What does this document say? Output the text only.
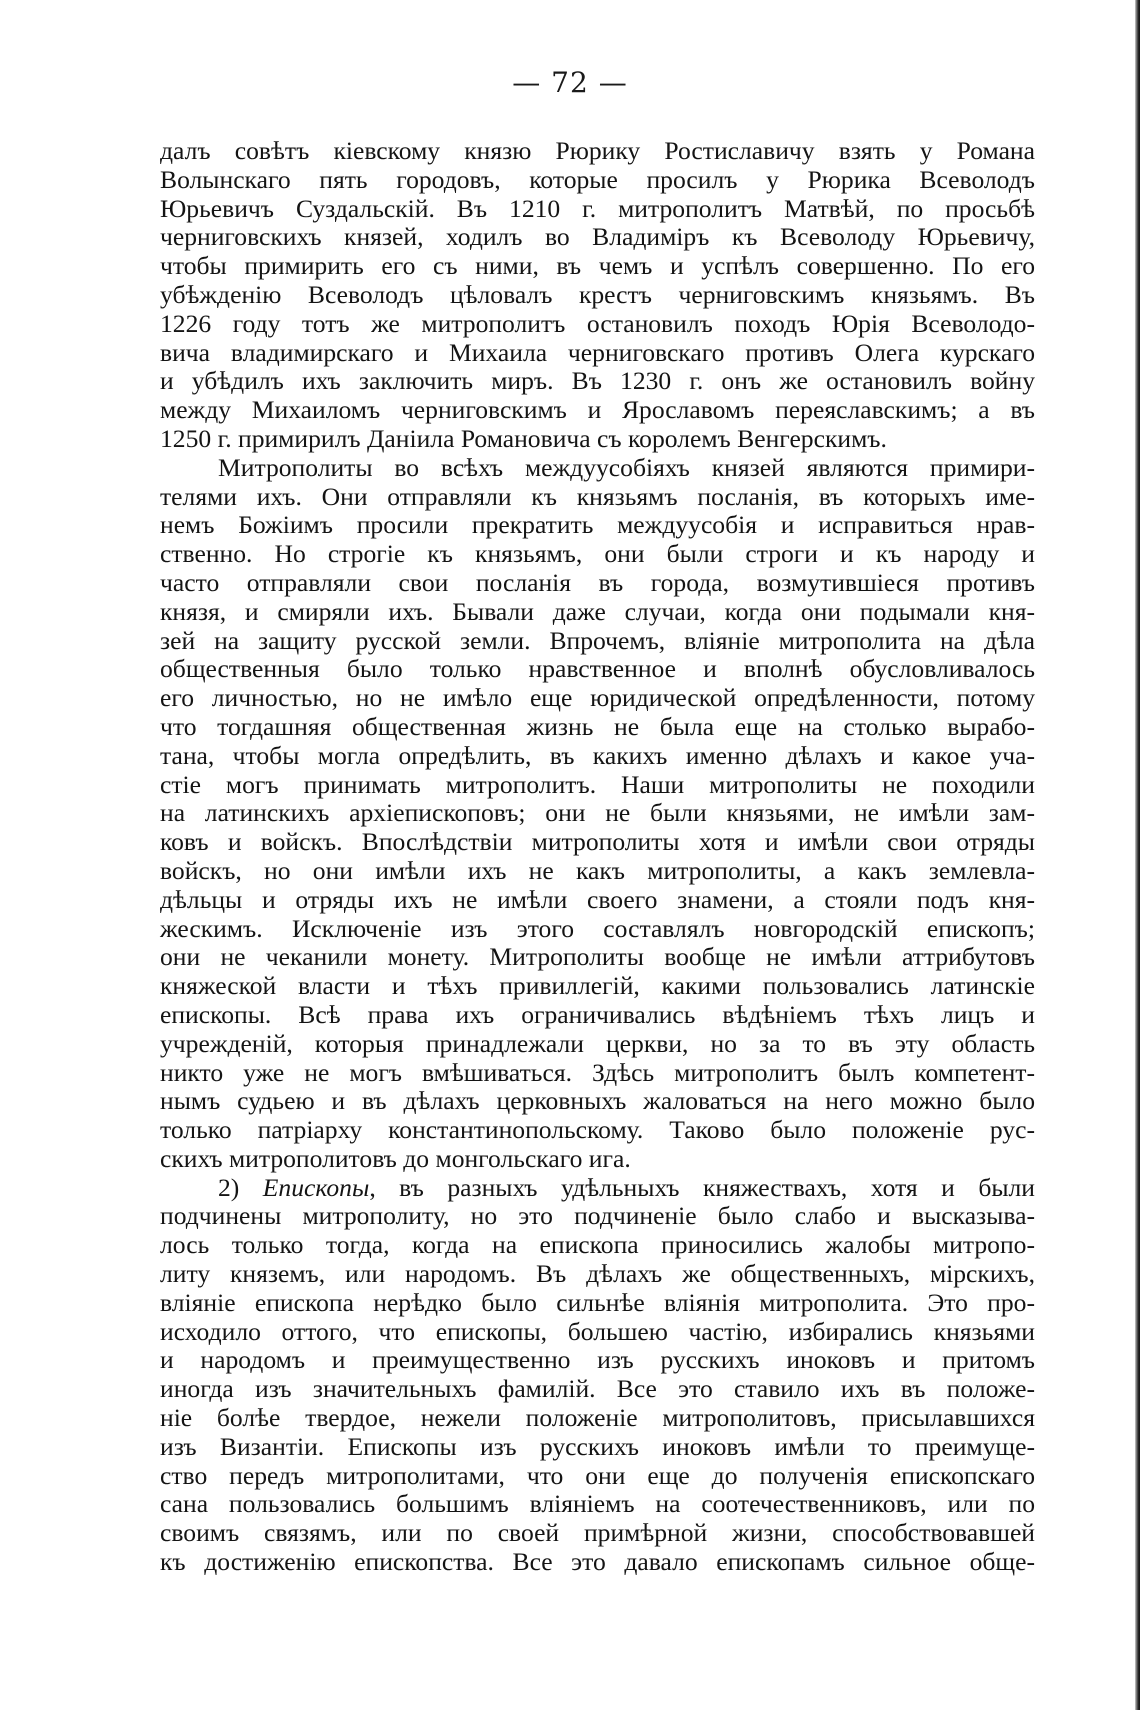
— 72 —
далъ совѣтъ кіевскому князю Рюрику Ростиславичу взять у Романа
Волынскаго пять городовъ, которые просилъ у Рюрика Всеволодъ
Юрьевичъ Суздальскій. Въ 1210 г. митрополитъ Матвѣй, по просьбѣ
черниговскихъ князей, ходилъ во Владиміръ къ Всеволоду Юрьевичу,
чтобы примирить его съ ними, въ чемъ и успѣлъ совершенно. По его
убѣжденію Всеволодъ цѣловалъ крестъ черниговскимъ князьямъ. Въ
1226 году тотъ же митрополитъ остановилъ походъ Юрія Всеволодо-
вича владимирскаго и Михаила черниговскаго противъ Олега курскаго
и убѣдилъ ихъ заключить миръ. Въ 1230 г. онъ же остановилъ войну
между Михаиломъ черниговскимъ и Ярославомъ переяславскимъ; а въ
1250 г. примирилъ Даніила Романовича съ королемъ Венгерскимъ.
Митрополиты во всѣхъ междуусобіяхъ князей являются примири-
телями ихъ. Они отправляли къ князьямъ посланія, въ которыхъ име-
немъ Божіимъ просили прекратить междуусобія и исправиться нрав-
ственно. Но строгіе къ князьямъ, они были строги и къ народу и
часто отправляли свои посланія въ города, возмутившіеся противъ
князя, и смиряли ихъ. Бывали даже случаи, когда они подымали кня-
зей на защиту русской земли. Впрочемъ, вліяніе митрополита на дѣла
общественныя было только нравственное и вполнѣ обусловливалось
его личностью, но не имѣло еще юридической опредѣленности, потому
что тогдашняя общественная жизнь не была еще на столько вырабо-
тана, чтобы могла опредѣлить, въ какихъ именно дѣлахъ и какое уча-
стіе могъ принимать митрополитъ. Наши митрополиты не походили
на латинскихъ архіепископовъ; они не были князьями, не имѣли зам-
ковъ и войскъ. Впослѣдствіи митрополиты хотя и имѣли свои отряды
войскъ, но они имѣли ихъ не какъ митрополиты, а какъ землевла-
дѣльцы и отряды ихъ не имѣли своего знамени, а стояли подъ кня-
жескимъ. Исключеніе изъ этого составлялъ новгородскій епископъ;
они не чеканили монету. Митрополиты вообще не имѣли аттрибутовъ
княжеской власти и тѣхъ привиллегій, какими пользовались латинскіе
епископы. Всѣ права ихъ ограничивались вѣдѣніемъ тѣхъ лицъ и
учрежденій, которыя принадлежали церкви, но за то въ эту область
никто уже не могъ вмѣшиваться. Здѣсь митрополитъ былъ компетент-
нымъ судьею и въ дѣлахъ церковныхъ жаловаться на него можно было
только патріарху константинопольскому. Таково было положеніе рус-
скихъ митрополитовъ до монгольскаго ига.
2) Епископы, въ разныхъ удѣльныхъ княжествахъ, хотя и были
подчинены митрополиту, но это подчиненіе было слабо и высказыва-
лось только тогда, когда на епископа приносились жалобы митропо-
литу княземъ, или народомъ. Въ дѣлахъ же общественныхъ, мірскихъ,
вліяніе епископа нерѣдко было сильнѣе вліянія митрополита. Это про-
исходило оттого, что епископы, большею частію, избирались князьями
и народомъ и преимущественно изъ русскихъ иноковъ и притомъ
иногда изъ значительныхъ фамилій. Все это ставило ихъ въ положе-
ніе болѣе твердое, нежели положеніе митрополитовъ, присылавшихся
изъ Византіи. Епископы изъ русскихъ иноковъ имѣли то преимуще-
ство передъ митрополитами, что они еще до полученія епископскаго
сана пользовались большимъ вліяніемъ на соотечественниковъ, или по
своимъ связямъ, или по своей примѣрной жизни, способствовавшей
къ достиженію епископства. Все это давало епископамъ сильное обще-
